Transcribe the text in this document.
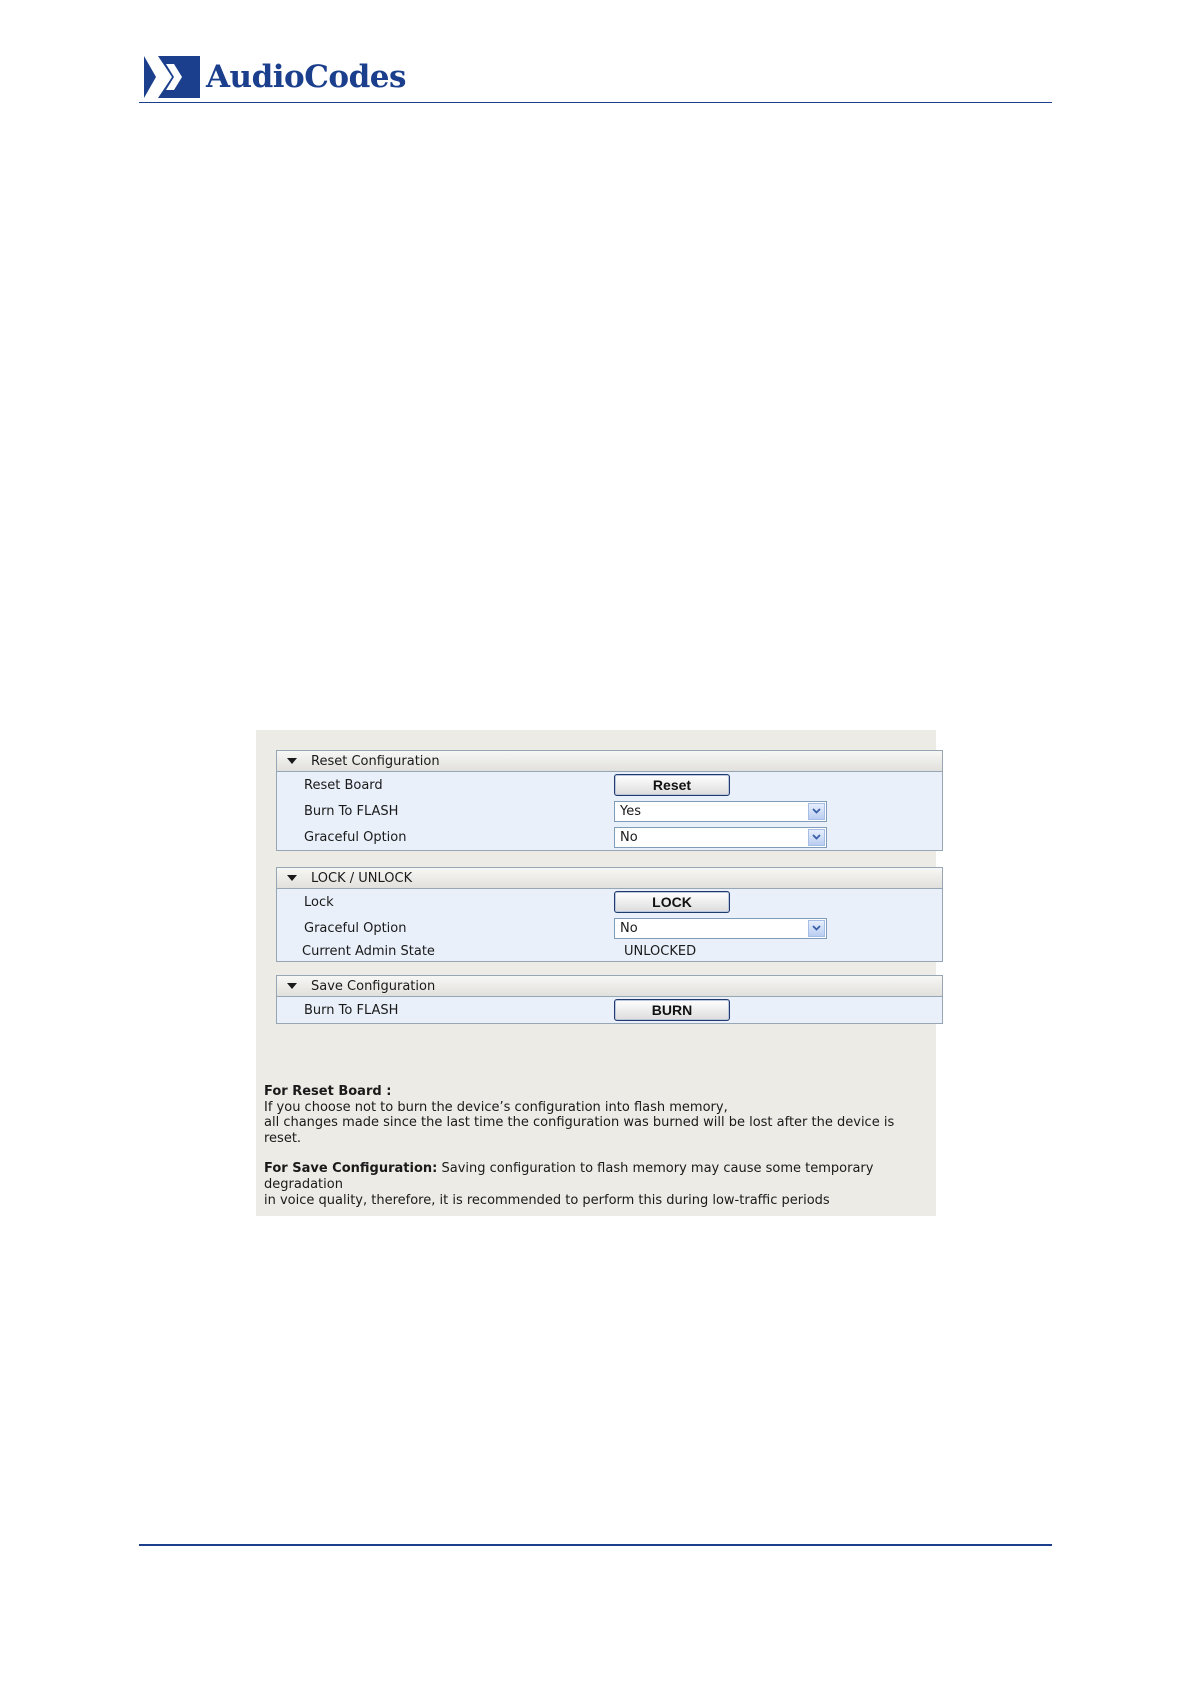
AudioCodes
Reset Configuration
Reset Board	Reset
Burn To FLASH	Yes
Graceful Option	No
LOCK / UNLOCK
Lock	LOCK
Graceful Option	No
Current Admin State	UNLOCKED
Save Configuration
Burn To FLASH	BURN

For Reset Board :

If you choose not to burn the device’s configuration into flash memory,

all changes made since the last time the configuration was burned will be lost after the device is

reset.

For Save Configuration: Saving configuration to flash memory may cause some temporary

degradation

in voice quality, therefore, it is recommended to perform this during low-traffic periods
